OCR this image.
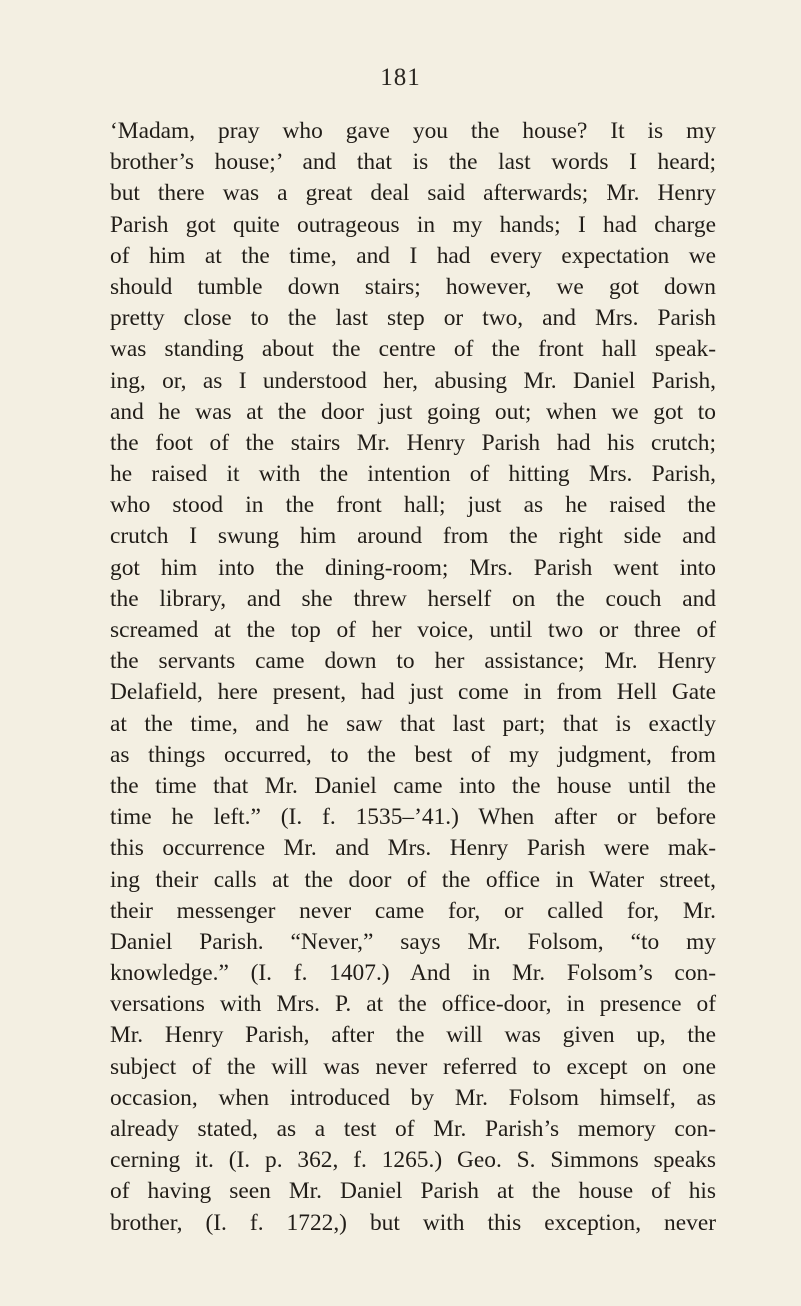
181
‘Madam, pray who gave you the house? It is my
brother’s house;’ and that is the last words I heard;
but there was a great deal said afterwards; Mr. Henry
Parish got quite outrageous in my hands; I had charge
of him at the time, and I had every expectation we
should tumble down stairs; however, we got down
pretty close to the last step or two, and Mrs. Parish
was standing about the centre of the front hall speak-
ing, or, as I understood her, abusing Mr. Daniel Parish,
and he was at the door just going out; when we got to
the foot of the stairs Mr. Henry Parish had his crutch;
he raised it with the intention of hitting Mrs. Parish,
who stood in the front hall; just as he raised the
crutch I swung him around from the right side and
got him into the dining-room; Mrs. Parish went into
the library, and she threw herself on the couch and
screamed at the top of her voice, until two or three of
the servants came down to her assistance; Mr. Henry
Delafield, here present, had just come in from Hell Gate
at the time, and he saw that last part; that is exactly
as things occurred, to the best of my judgment, from
the time that Mr. Daniel came into the house until the
time he left.” (I. f. 1535–’41.) When after or before
this occurrence Mr. and Mrs. Henry Parish were mak-
ing their calls at the door of the office in Water street,
their messenger never came for, or called for, Mr.
Daniel Parish. “Never,” says Mr. Folsom, “to my
knowledge.” (I. f. 1407.) And in Mr. Folsom’s con-
versations with Mrs. P. at the office-door, in presence of
Mr. Henry Parish, after the will was given up, the
subject of the will was never referred to except on one
occasion, when introduced by Mr. Folsom himself, as
already stated, as a test of Mr. Parish’s memory con-
cerning it. (I. p. 362, f. 1265.) Geo. S. Simmons speaks
of having seen Mr. Daniel Parish at the house of his
brother, (I. f. 1722,) but with this exception, never
